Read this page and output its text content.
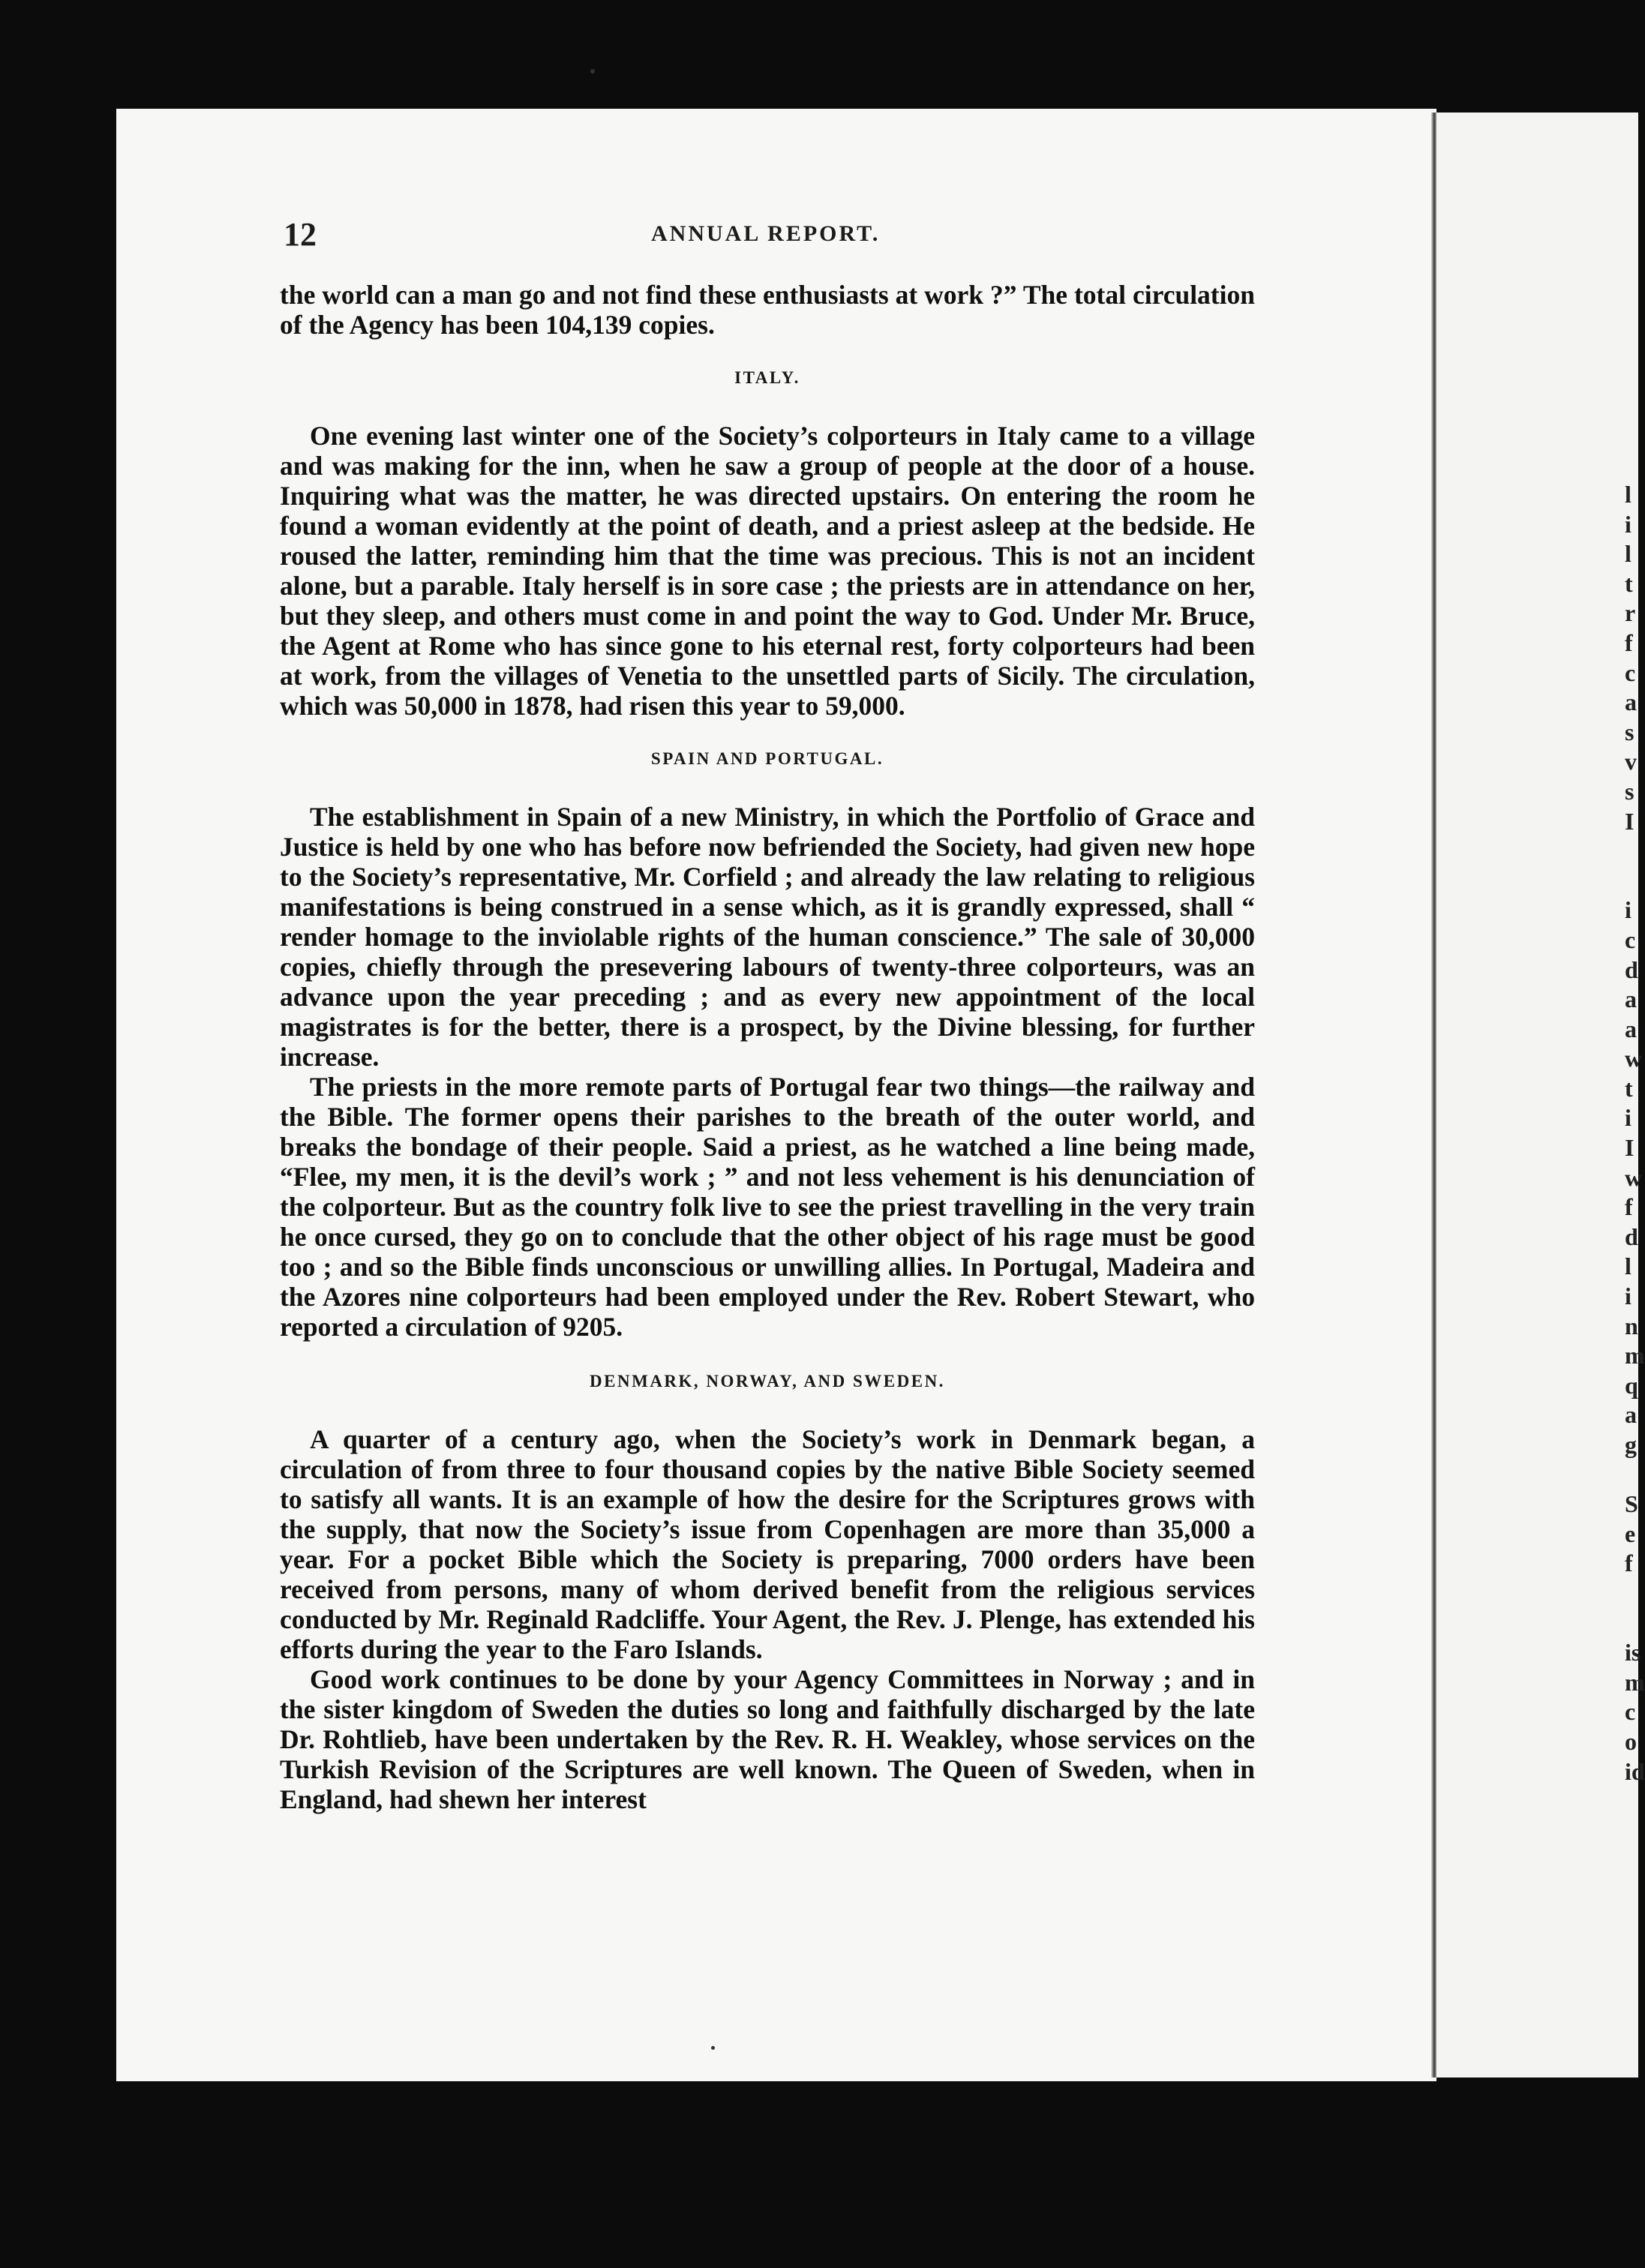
12	ANNUAL REPORT.

the world can a man go and not find these enthusiasts at work ?” The total circulation of the Agency has been 104,139 copies.

ITALY.

One evening last winter one of the Society’s colporteurs in Italy came to a village and was making for the inn, when he saw a group of people at the door of a house. Inquiring what was the matter, he was directed upstairs. On entering the room he found a woman evidently at the point of death, and a priest asleep at the bedside. He roused the latter, reminding him that the time was precious. This is not an incident alone, but a parable. Italy herself is in sore case ; the priests are in attendance on her, but they sleep, and others must come in and point the way to God. Under Mr. Bruce, the Agent at Rome who has since gone to his eternal rest, forty colporteurs had been at work, from the villages of Venetia to the unsettled parts of Sicily. The circulation, which was 50,000 in 1878, had risen this year to 59,000.

SPAIN AND PORTUGAL.

The establishment in Spain of a new Ministry, in which the Portfolio of Grace and Justice is held by one who has before now befriended the Society, had given new hope to the Society’s representative, Mr. Corfield ; and already the law relating to religious manifestations is being construed in a sense which, as it is grandly expressed, shall “ render homage to the inviolable rights of the human conscience.” The sale of 30,000 copies, chiefly through the presevering labours of twenty-three colporteurs, was an advance upon the year preceding ; and as every new appointment of the local magistrates is for the better, there is a prospect, by the Divine blessing, for further increase.

The priests in the more remote parts of Portugal fear two things—the railway and the Bible. The former opens their parishes to the breath of the outer world, and breaks the bondage of their people. Said a priest, as he watched a line being made, “Flee, my men, it is the devil’s work ; ” and not less vehement is his denunciation of the colporteur. But as the country folk live to see the priest travelling in the very train he once cursed, they go on to conclude that the other object of his rage must be good too ; and so the Bible finds unconscious or unwilling allies. In Portugal, Madeira and the Azores nine colporteurs had been employed under the Rev. Robert Stewart, who reported a circulation of 9205.

DENMARK, NORWAY, AND SWEDEN.

A quarter of a century ago, when the Society’s work in Denmark began, a circulation of from three to four thousand copies by the native Bible Society seemed to satisfy all wants. It is an example of how the desire for the Scriptures grows with the supply, that now the Society’s issue from Copenhagen are more than 35,000 a year. For a pocket Bible which the Society is preparing, 7000 orders have been received from persons, many of whom derived benefit from the religious services conducted by Mr. Reginald Radcliffe. Your Agent, the Rev. J. Plenge, has extended his efforts during the year to the Faro Islands.

Good work continues to be done by your Agency Committees in Norway ; and in the sister kingdom of Sweden the duties so long and faithfully discharged by the late Dr. Rohtlieb, have been undertaken by the Rev. R. H. Weakley, whose services on the Turkish Revision of the Scriptures are well known. The Queen of Sweden, when in England, had shewn her interest

l
i
l
t
r
f
c
a
s
v
s
I

i
c
d
a
a
w
t
i
I
w
f
d
l
i
n
m
q
a
g

S
e
f

is
m
c
o
id
